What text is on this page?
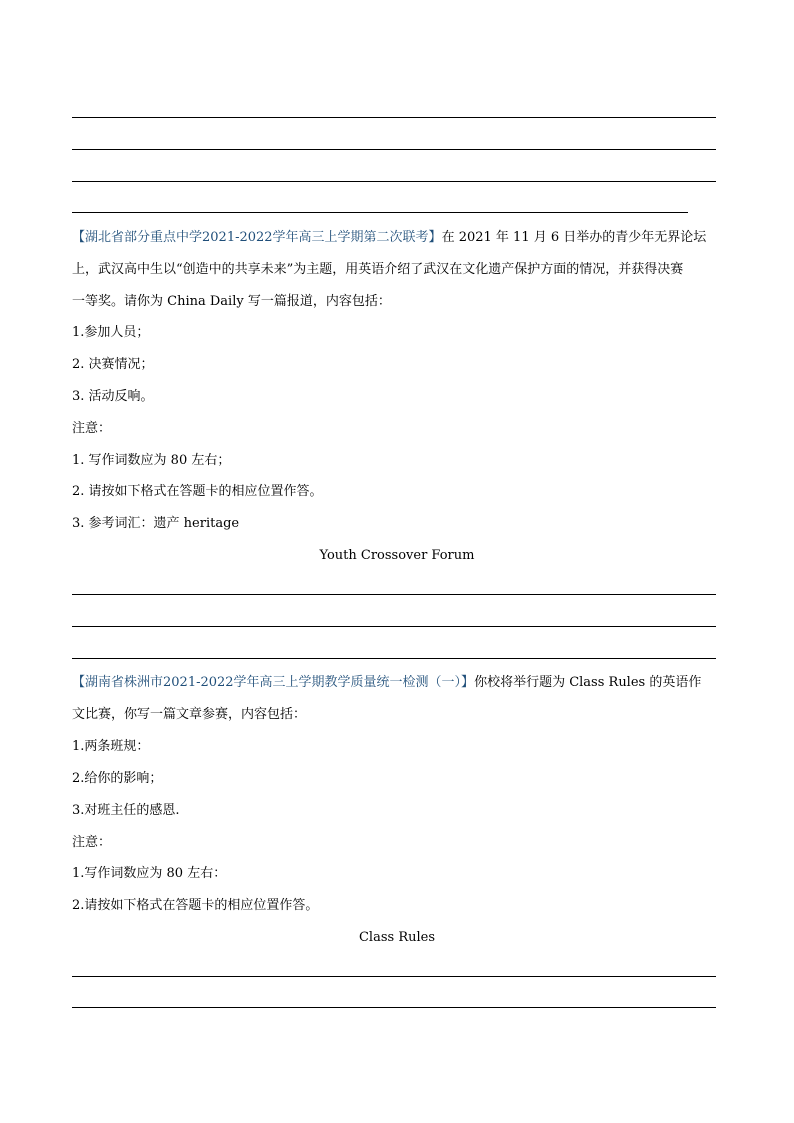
【湖北省部分重点中学2021-2022学年高三上学期第二次联考】在 2021 年 11 月 6 日举办的青少年无界论坛
上，武汉高中生以“创造中的共享未来”为主题，用英语介绍了武汉在文化遗产保护方面的情况，并获得决赛
一等奖。请你为 China Daily 写一篇报道，内容包括：
1.参加人员；
2. 决赛情况；
3. 活动反响。
注意：
1. 写作词数应为 80 左右；
2. 请按如下格式在答题卡的相应位置作答。
3. 参考词汇：遗产 heritage
Youth Crossover Forum
【湖南省株洲市2021-2022学年高三上学期教学质量统一检测（一）】你校将举行题为 Class Rules 的英语作
文比赛，你写一篇文章参赛，内容包括：
1.两条班规：
2.给你的影响；
3.对班主任的感恩.
注意：
1.写作词数应为 80 左右：
2.请按如下格式在答题卡的相应位置作答。
Class Rules
